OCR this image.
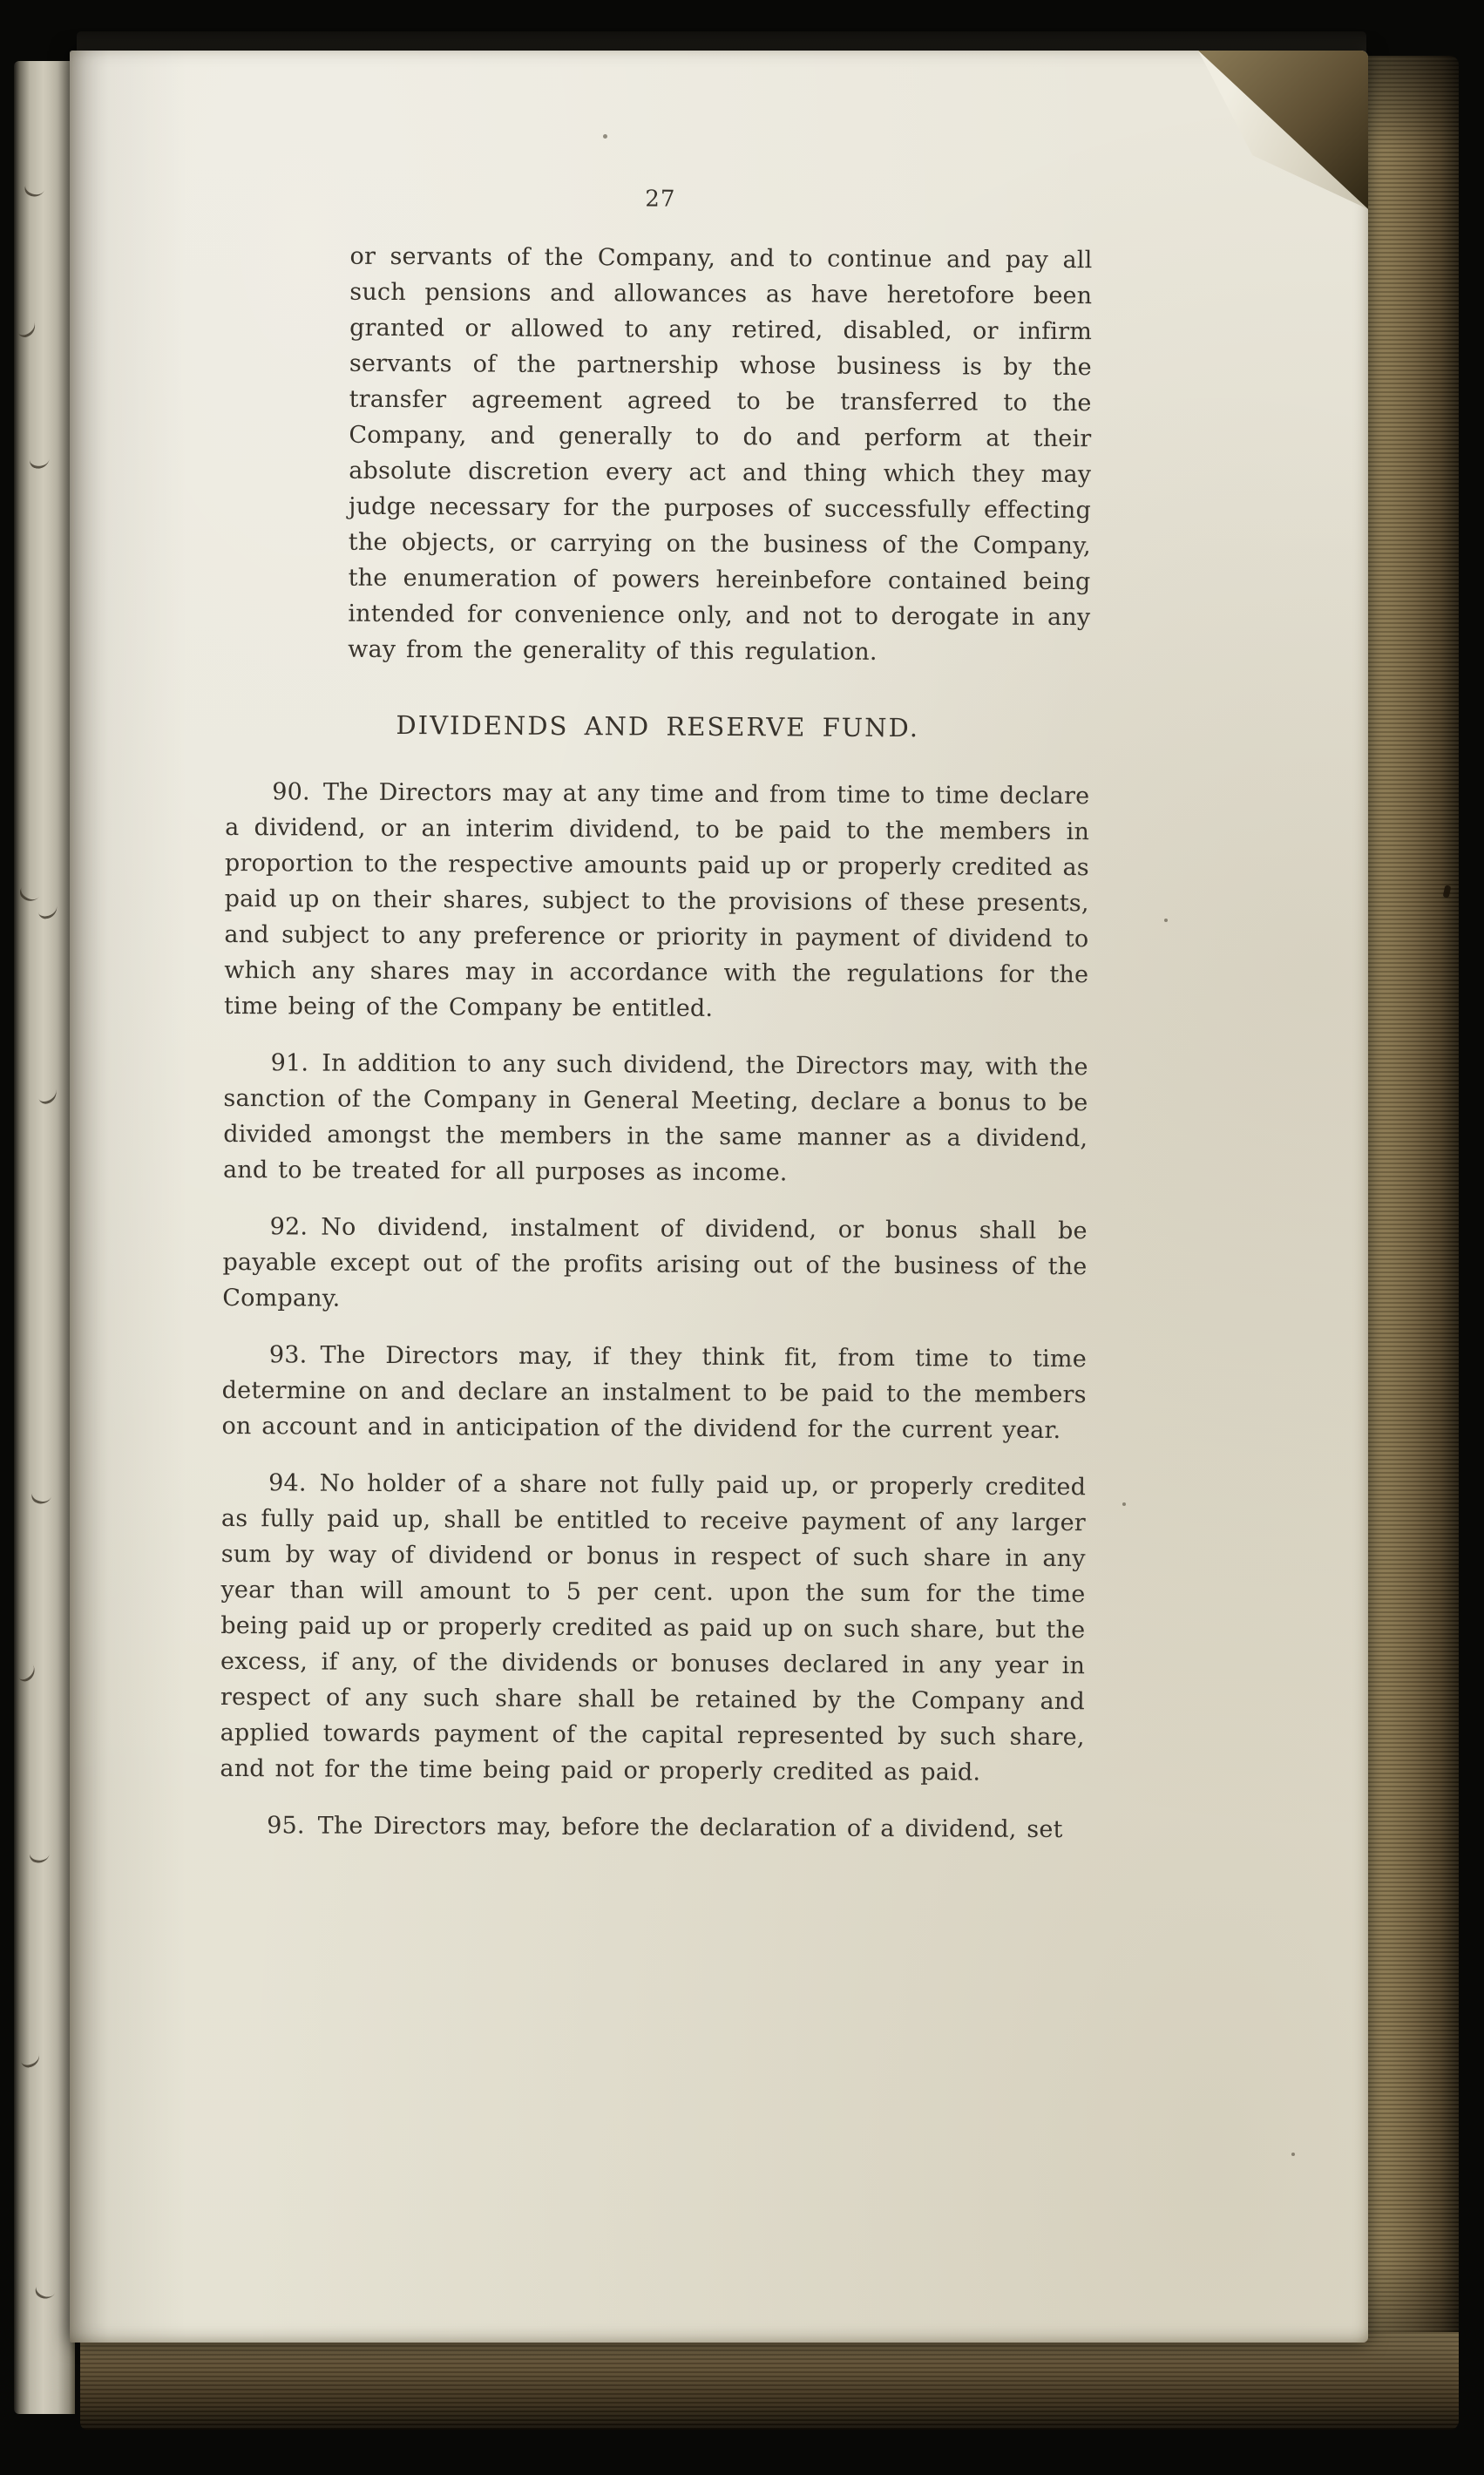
27

or servants of the Company, and to continue and pay all such pensions and allowances as have heretofore been granted or allowed to any retired, disabled, or infirm servants of the partnership whose business is by the transfer agreement agreed to be transferred to the Company, and generally to do and perform at their absolute discretion every act and thing which they may judge necessary for the purposes of successfully effecting the objects, or carrying on the business of the Company, the enumeration of powers hereinbefore contained being intended for convenience only, and not to derogate in any way from the generality of this regulation.

DIVIDENDS AND RESERVE FUND.

90. The Directors may at any time and from time to time declare a dividend, or an interim dividend, to be paid to the members in proportion to the respective amounts paid up or properly credited as paid up on their shares, subject to the provisions of these presents, and subject to any preference or priority in payment of dividend to which any shares may in accordance with the regulations for the time being of the Company be entitled.

91. In addition to any such dividend, the Directors may, with the sanction of the Company in General Meeting, declare a bonus to be divided amongst the members in the same manner as a dividend, and to be treated for all purposes as income.

92. No dividend, instalment of dividend, or bonus shall be payable except out of the profits arising out of the business of the Company.

93. The Directors may, if they think fit, from time to time determine on and declare an instalment to be paid to the members on account and in anticipation of the dividend for the current year.

94. No holder of a share not fully paid up, or properly credited as fully paid up, shall be entitled to receive payment of any larger sum by way of dividend or bonus in respect of such share in any year than will amount to 5 per cent. upon the sum for the time being paid up or properly credited as paid up on such share, but the excess, if any, of the dividends or bonuses declared in any year in respect of any such share shall be retained by the Company and applied towards payment of the capital represented by such share, and not for the time being paid or properly credited as paid.

95. The Directors may, before the declaration of a dividend, set
